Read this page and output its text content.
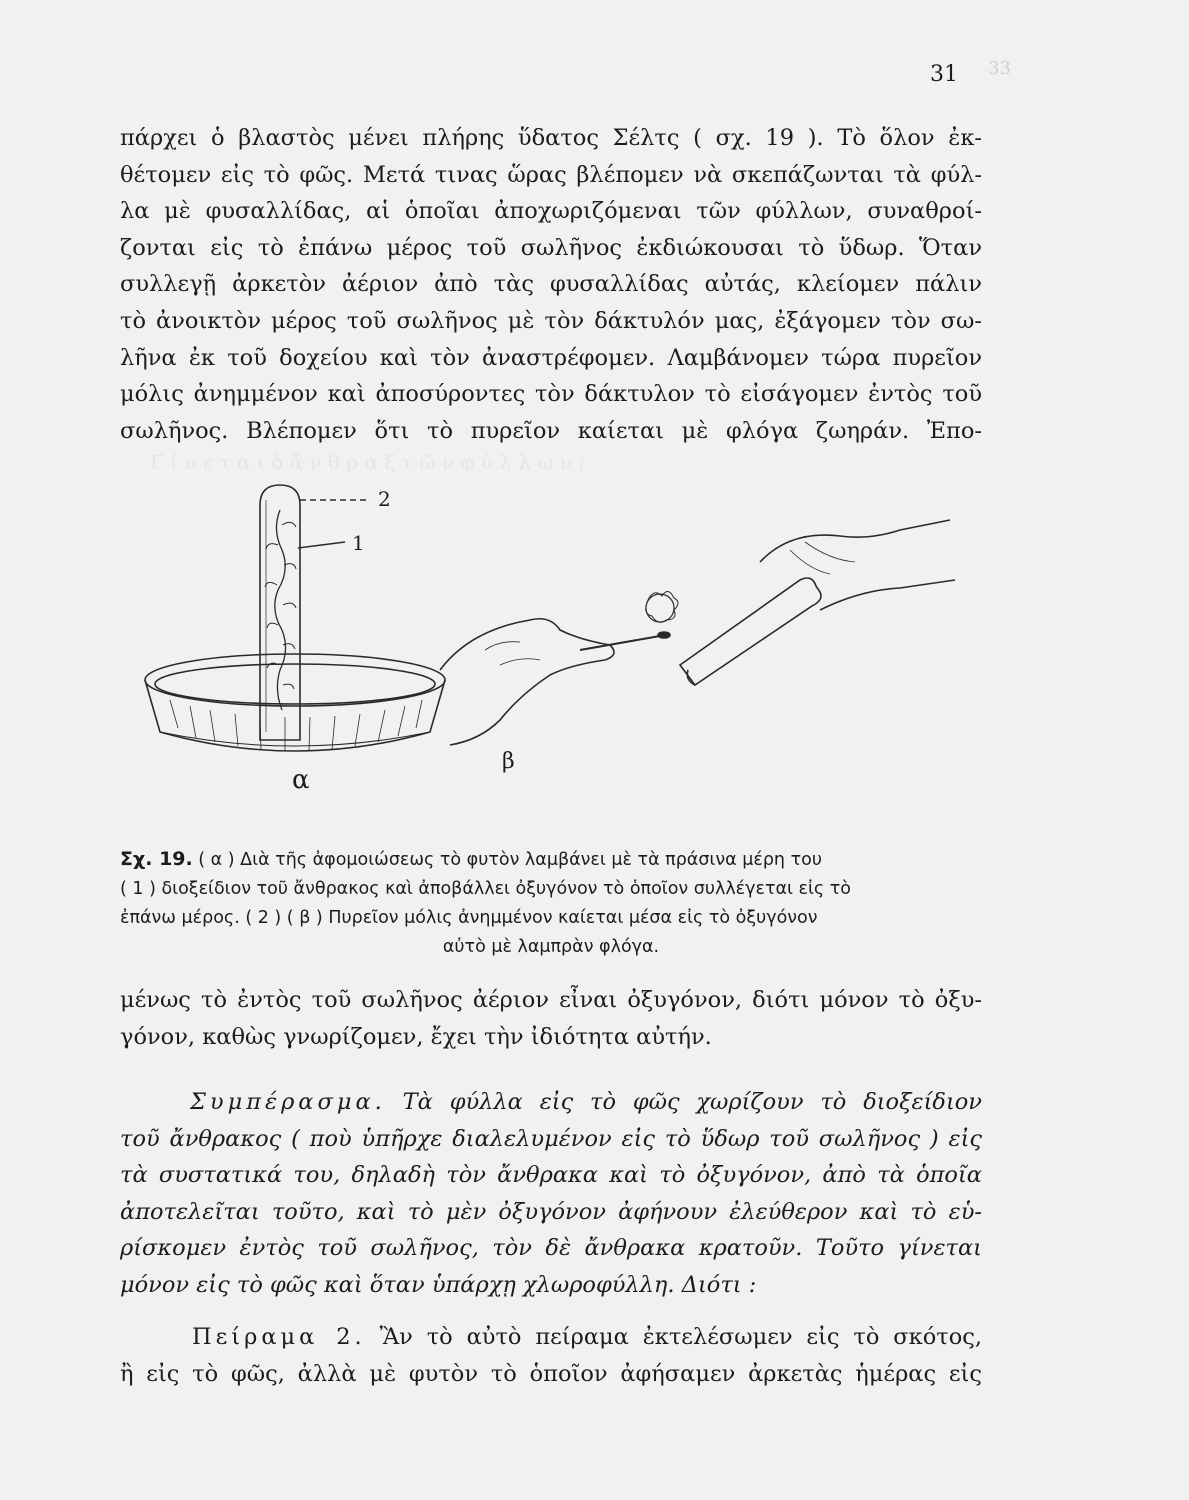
33
31
Γ ί ν ε τ α ι ὁ ἄ ν θ ρ α ξ τ ῶ ν φ ύ λ λ ω ν ;

πάρχει ὁ βλαστὸς μένει πλήρης ὕδατος Σέλτς ( σχ. 19 ). Τὸ ὅλον ἐκ-
θέτομεν εἰς τὸ φῶς. Μετά τινας ὥρας βλέπομεν νὰ σκεπάζωνται τὰ φύλ-
λα μὲ φυσαλλίδας, αἱ ὁποῖαι ἀποχωριζόμεναι τῶν φύλλων, συναθροί-
ζονται εἰς τὸ ἐπάνω μέρος τοῦ σωλῆνος ἐκδιώκουσαι τὸ ὕδωρ. Ὅταν
συλλεγῇ ἀρκετὸν ἀέριον ἀπὸ τὰς φυσαλλίδας αὐτάς, κλείομεν πάλιν
τὸ ἀνοικτὸν μέρος τοῦ σωλῆνος μὲ τὸν δάκτυλόν μας, ἐξάγομεν τὸν σω-
λῆνα ἐκ τοῦ δοχείου καὶ τὸν ἀναστρέφομεν. Λαμβάνομεν τώρα πυρεῖον
μόλις ἀνημμένον καὶ ἀποσύροντες τὸν δάκτυλον τὸ εἰσάγομεν ἐντὸς τοῦ
σωλῆνος. Βλέπομεν ὅτι τὸ πυρεῖον καίεται μὲ φλόγα ζωηράν. Ἐπο-

2
1
α
β

Σχ. 19. ( α ) Διὰ τῆς ἀφομοιώσεως τὸ φυτὸν λαμβάνει μὲ τὰ πράσινα μέρη του
( 1 ) διοξείδιον τοῦ ἄνθρακος καὶ ἀποβάλλει ὀξυγόνον τὸ ὁποῖον συλλέγεται εἰς τὸ
ἐπάνω μέρος. ( 2 ) ( β ) Πυρεῖον μόλις ἀνημμένον καίεται μέσα εἰς τὸ ὀξυγόνον
αὐτὸ μὲ λαμπρὰν φλόγα.

μένως τὸ ἐντὸς τοῦ σωλῆνος ἀέριον εἶναι ὀξυγόνον, διότι μόνον τὸ ὀξυ-
γόνον, καθὼς γνωρίζομεν, ἔχει τὴν ἰδιότητα αὐτήν.

Συμπέρασμα. Τὰ φύλλα εἰς τὸ φῶς χωρίζουν τὸ διοξείδιον
τοῦ ἄνθρακος ( ποὺ ὑπῆρχε διαλελυμένον εἰς τὸ ὕδωρ τοῦ σωλῆνος ) εἰς
τὰ συστατικά του, δηλαδὴ τὸν ἄνθρακα καὶ τὸ ὀξυγόνον, ἀπὸ τὰ ὁποῖα
ἀποτελεῖται τοῦτο, καὶ τὸ μὲν ὀξυγόνον ἀφήνουν ἐλεύθερον καὶ τὸ εὑ-
ρίσκομεν ἐντὸς τοῦ σωλῆνος, τὸν δὲ ἄνθρακα κρατοῦν. Τοῦτο γίνεται
μόνον εἰς τὸ φῶς καὶ ὅταν ὑπάρχῃ χλωροφύλλη. Διότι :

Πείραμα 2. Ἂν τὸ αὐτὸ πείραμα ἐκτελέσωμεν εἰς τὸ σκότος,
ἢ εἰς τὸ φῶς, ἀλλὰ μὲ φυτὸν τὸ ὁποῖον ἀφήσαμεν ἀρκετὰς ἡμέρας εἰς
